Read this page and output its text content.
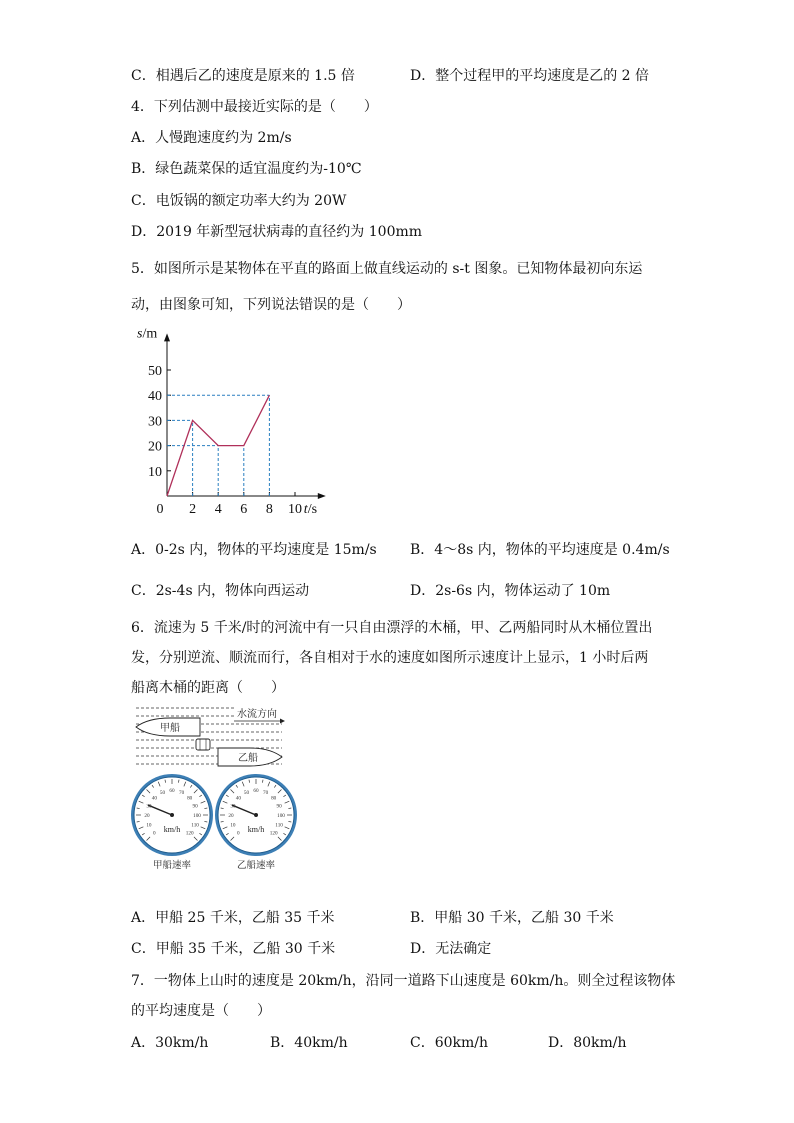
C．相遇后乙的速度是原来的 1.5 倍	D．整个过程甲的平均速度是乙的 2 倍
4．下列估测中最接近实际的是（　　）
A．人慢跑速度约为 2m/s
B．绿色蔬菜保的适宜温度约为-10℃
C．电饭锅的额定功率大约为 20W
D．2019 年新型冠状病毒的直径约为 100mm
5．如图所示是某物体在平直的路面上做直线运动的 s-t 图象。已知物体最初向东运
动，由图象可知，下列说法错误的是（　　）
0 2 4 6 8 10
10
20
30
40
50
s/m
t/s
A．0-2s 内，物体的平均速度是 15m/s B．4～8s 内，物体的平均速度是 0.4m/s
C．2s-4s 内，物体向西运动	D．2s-6s 内，物体运动了 10m
6．流速为 5 千米/时的河流中有一只自由漂浮的木桶，甲、乙两船同时从木桶位置出
发，分别逆流、顺流而行，各自相对于水的速度如图所示速度计上显示，1 小时后两
船离木桶的距离（　　）
水流方向
甲船
乙船
0
10
20
30
40
50 60 70
80
90
100
110
120
km/h	0
10
20
30
40
50 60 70
80
90
100
110
120
km/h
甲船速率	乙船速率
A．甲船 25 千米，乙船 35 千米	B．甲船 30 千米，乙船 30 千米
C．甲船 35 千米，乙船 30 千米	D．无法确定
7．一物体上山时的速度是 20km/h，沿同一道路下山速度是 60km/h。则全过程该物体
的平均速度是（　　）
A．30km/h	B．40km/h	C．60km/h	D．80km/h
